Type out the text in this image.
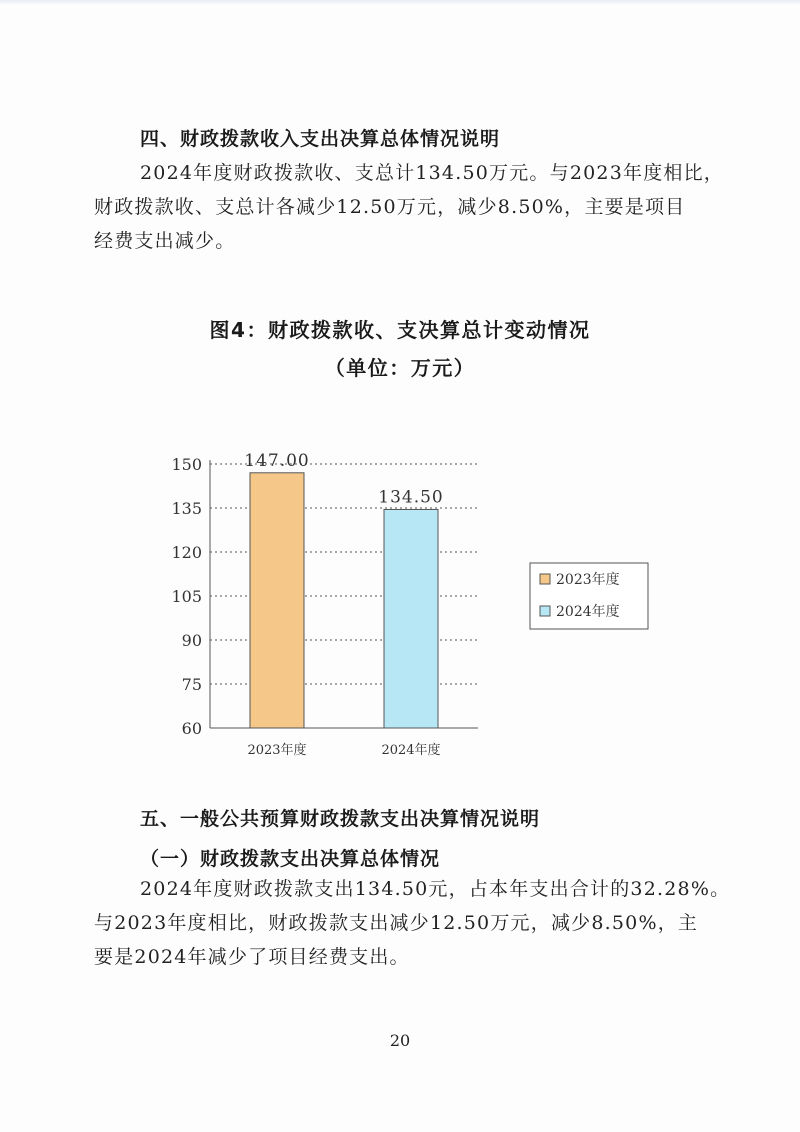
四、财政拨款收入支出决算总体情况说明

2024年度财政拨款收、支总计134.50万元。与2023年度相比，

财政拨款收、支总计各减少12.50万元，减少8.50%，主要是项目

经费支出减少。

图4：财政拨款收、支决算总计变动情况
（单位：万元）
60
75
90
105
120
135
150 147.00
2023年度
134.50
2024年度
2023年度
2024年度
五、一般公共预算财政拨款支出决算情况说明
（一）财政拨款支出决算总体情况

2024年度财政拨款支出134.50元，占本年支出合计的32.28%。

与2023年度相比，财政拨款支出减少12.50万元，减少8.50%，主

要是2024年减少了项目经费支出。

20
